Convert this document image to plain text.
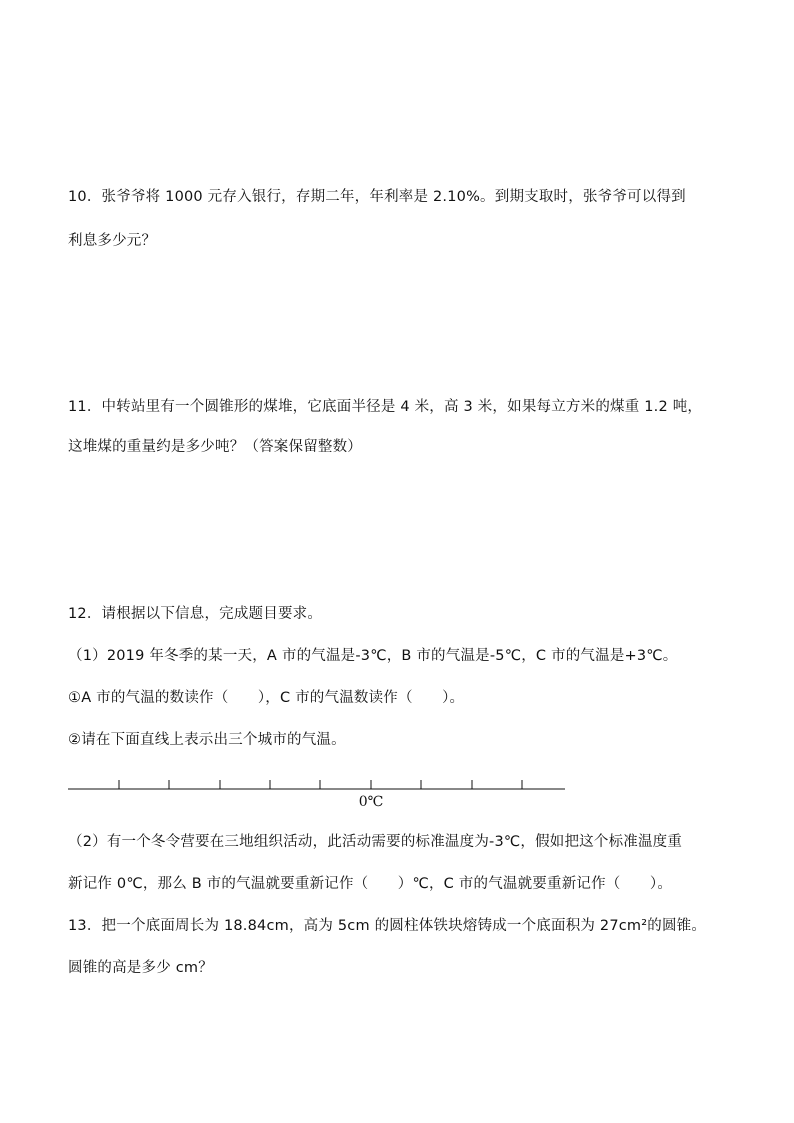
10．张爷爷将 1000 元存入银行，存期二年，年利率是 2.10%。到期支取时，张爷爷可以得到
利息多少元？
11．中转站里有一个圆锥形的煤堆，它底面半径是 4 米，高 3 米，如果每立方米的煤重 1.2 吨，
这堆煤的重量约是多少吨？（答案保留整数）
12．请根据以下信息，完成题目要求。
（1）2019 年冬季的某一天，A 市的气温是-3℃，B 市的气温是-5℃，C 市的气温是+3℃。
①A 市的气温的数读作（　　），C 市的气温数读作（　　）。
②请在下面直线上表示出三个城市的气温。
0℃
（2）有一个冬令营要在三地组织活动，此活动需要的标准温度为-3℃，假如把这个标准温度重
新记作 0℃，那么 B 市的气温就要重新记作（　　）℃，C 市的气温就要重新记作（　　）。
13．把一个底面周长为 18.84cm，高为 5cm 的圆柱体铁块熔铸成一个底面积为 27cm²的圆锥。
圆锥的高是多少 cm？
